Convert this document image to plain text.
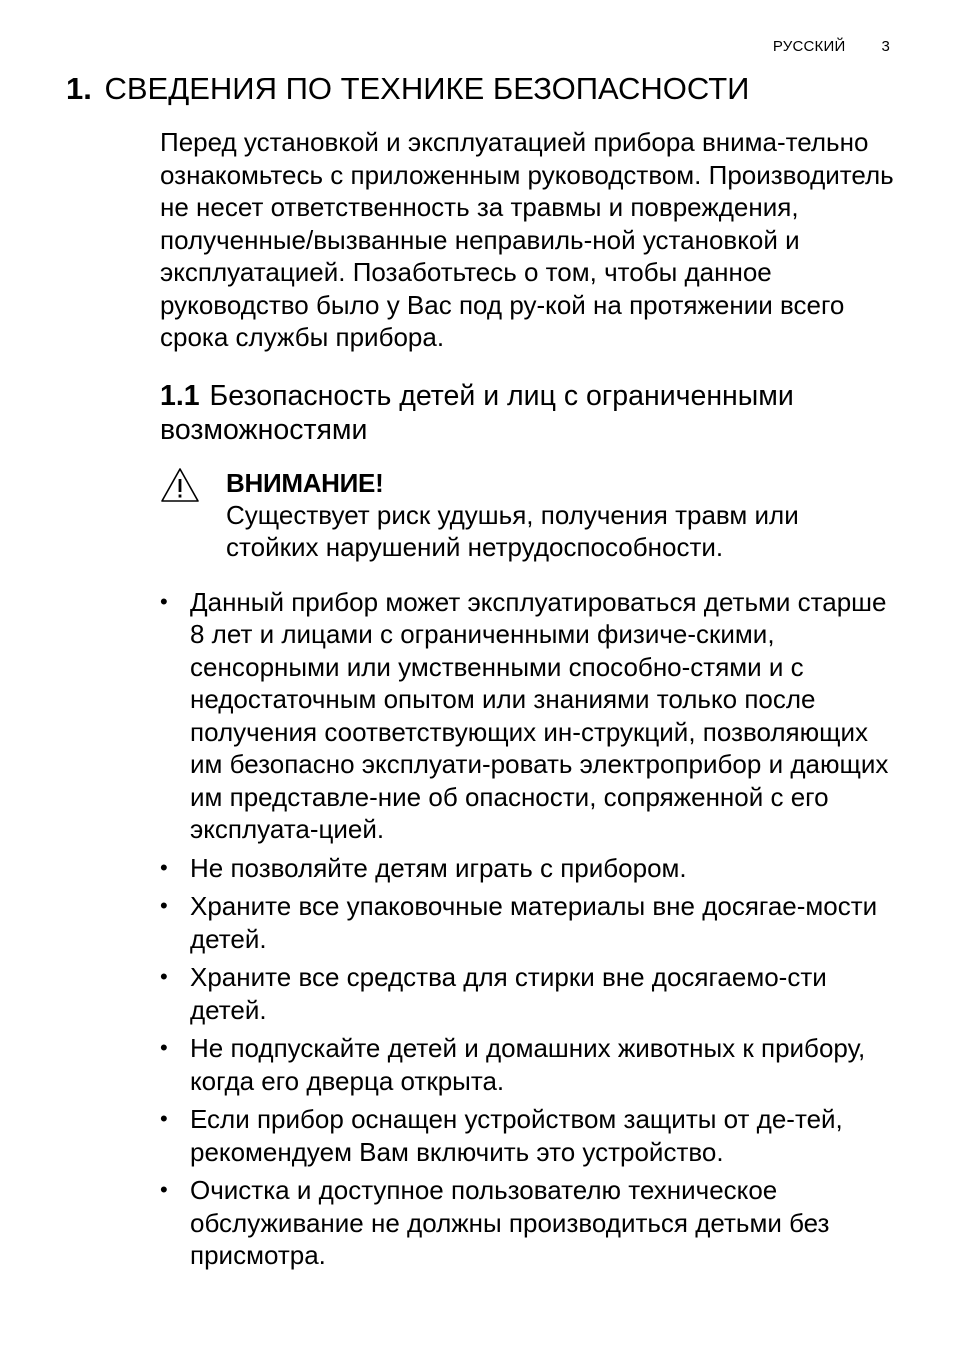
РУССКИЙ 3
1. СВЕДЕНИЯ ПО ТЕХНИКЕ БЕЗОПАСНОСТИ

Перед установкой и эксплуатацией прибора внима-тельно ознакомьтесь с приложенным руководством. Производитель не несет ответственность за травмы и повреждения, полученные/вызванные неправиль-ной установкой и эксплуатацией. Позаботьтесь о том, чтобы данное руководство было у Вас под ру-кой на протяжении всего срока службы прибора.

1.1 Безопасность детей и лиц с ограниченными возможностями
ВНИМАНИЕ!
Существует риск удушья, получения травм или стойких нарушений нетрудоспособности.
• Данный прибор может эксплуатироваться детьми старше 8 лет и лицами с ограниченными физиче-скими, сенсорными или умственными способно-стями и с недостаточным опытом или знаниями только после получения соответствующих ин-струкций, позволяющих им безопасно эксплуати-ровать электроприбор и дающих им представле-ние об опасности, сопряженной с его эксплуата-цией.
• Не позволяйте детям играть с прибором.
• Храните все упаковочные материалы вне досягае-мости детей.
• Храните все средства для стирки вне досягаемо-сти детей.
• Не подпускайте детей и домашних животных к прибору, когда его дверца открыта.
• Если прибор оснащен устройством защиты от де-тей, рекомендуем Вам включить это устройство.
• Очистка и доступное пользователю техническое обслуживание не должны производиться детьми без присмотра.
